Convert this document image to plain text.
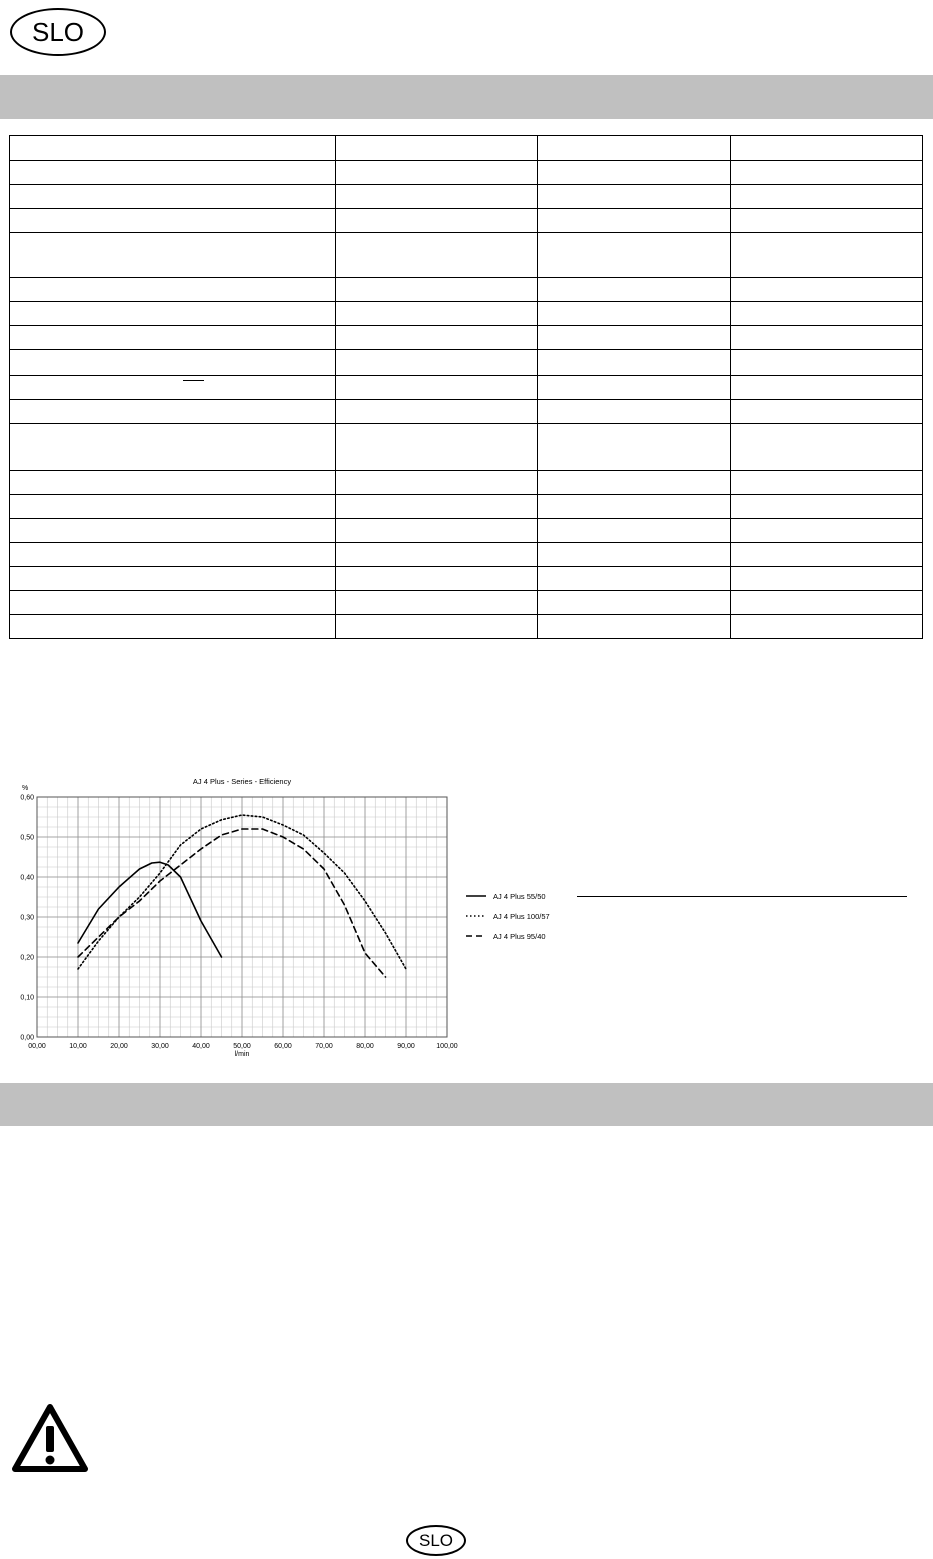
SLO

00,00	10,00	20,00	30,00	40,00	50,00	60,00	70,00	80,00	90,00	100,00
0,00
0,10
0,20
0,30
0,40
0,50
0,60
AJ 4 Plus - Series - Efficiency
%
l/min
SLO
AJ 4 Plus 55/50
AJ 4 Plus 100/57
AJ 4 Plus 95/40
